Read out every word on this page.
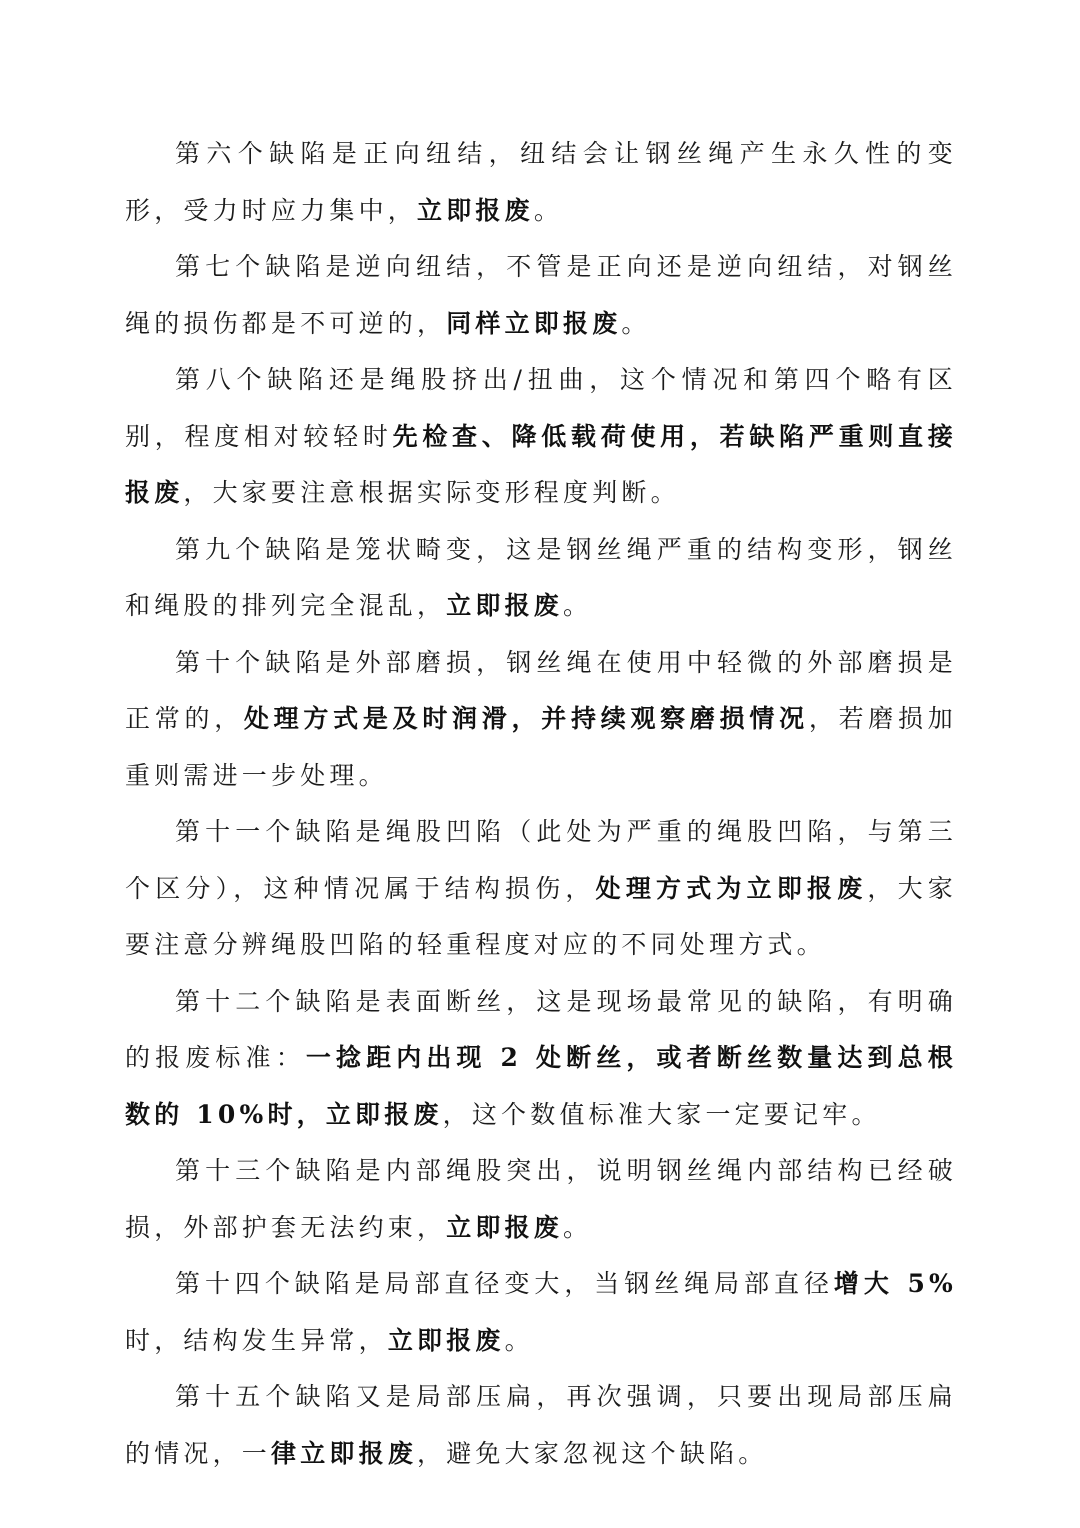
第六个缺陷是正向纽结，纽结会让钢丝绳产生永久性的变形，受力时应力集中，立即报废。

第七个缺陷是逆向纽结，不管是正向还是逆向纽结，对钢丝绳的损伤都是不可逆的，同样立即报废。

第八个缺陷还是绳股挤出/扭曲，这个情况和第四个略有区别，程度相对较轻时先检查、降低载荷使用，若缺陷严重则直接报废，大家要注意根据实际变形程度判断。

第九个缺陷是笼状畸变，这是钢丝绳严重的结构变形，钢丝和绳股的排列完全混乱，立即报废。

第十个缺陷是外部磨损，钢丝绳在使用中轻微的外部磨损是正常的，处理方式是及时润滑，并持续观察磨损情况，若磨损加重则需进一步处理。

第十一个缺陷是绳股凹陷（此处为严重的绳股凹陷，与第三个区分），这种情况属于结构损伤，处理方式为立即报废，大家要注意分辨绳股凹陷的轻重程度对应的不同处理方式。

第十二个缺陷是表面断丝，这是现场最常见的缺陷，有明确的报废标准：一捻距内出现 2 处断丝，或者断丝数量达到总根数的 10%时，立即报废，这个数值标准大家一定要记牢。

第十三个缺陷是内部绳股突出，说明钢丝绳内部结构已经破损，外部护套无法约束，立即报废。

第十四个缺陷是局部直径变大，当钢丝绳局部直径增大 5% 时，结构发生异常，立即报废。

第十五个缺陷又是局部压扁，再次强调，只要出现局部压扁的情况，一律立即报废，避免大家忽视这个缺陷。
